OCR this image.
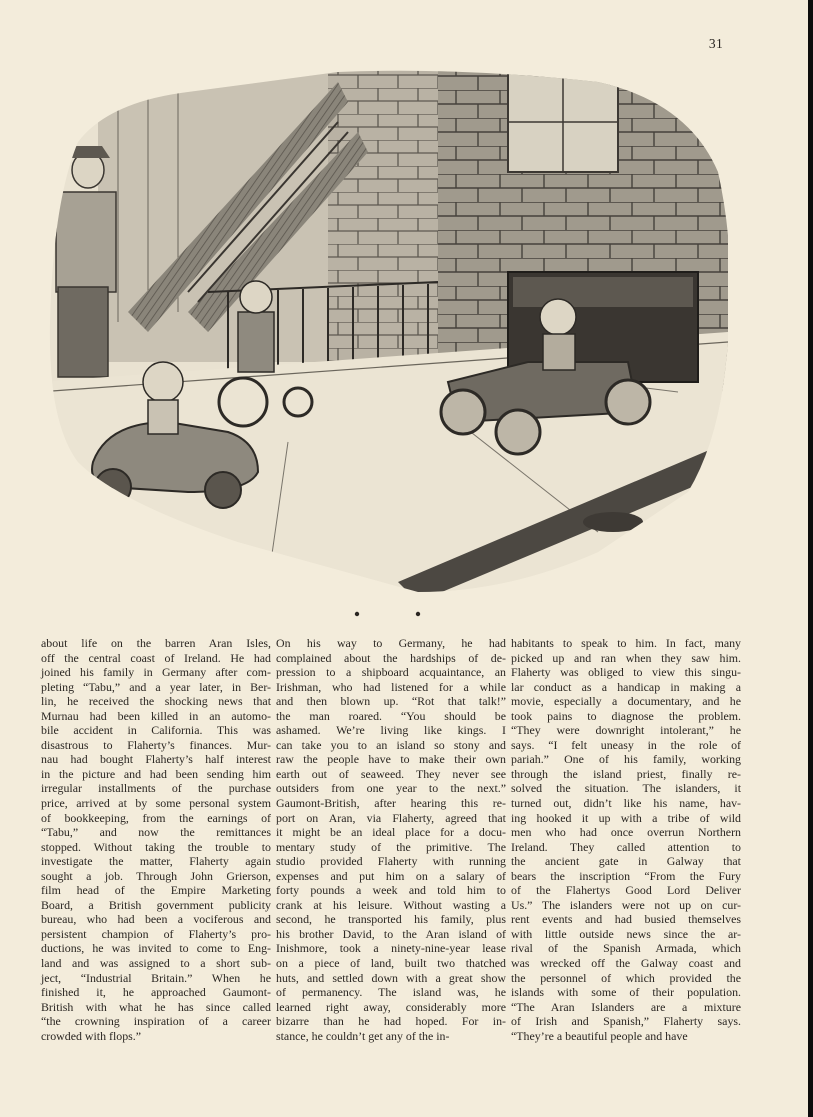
31
about life on the barren Aran Isles,
off the central coast of Ireland. He had
joined his family in Germany after com-
pleting “Tabu,” and a year later, in Ber-
lin, he received the shocking news that
Murnau had been killed in an automo-
bile accident in California. This was
disastrous to Flaherty’s finances. Mur-
nau had bought Flaherty’s half interest
in the picture and had been sending him
irregular installments of the purchase
price, arrived at by some personal system
of bookkeeping, from the earnings of
“Tabu,” and now the remittances
stopped. Without taking the trouble to
investigate the matter, Flaherty again
sought a job. Through John Grierson,
film head of the Empire Marketing
Board, a British government publicity
bureau, who had been a vociferous and
persistent champion of Flaherty’s pro-
ductions, he was invited to come to Eng-
land and was assigned to a short sub-
ject, “Industrial Britain.” When he
finished it, he approached Gaumont-
British with what he has since called
“the crowning inspiration of a career
crowded with flops.”
On his way to Germany, he had
complained about the hardships of de-
pression to a shipboard acquaintance, an
Irishman, who had listened for a while
and then blown up. “Rot that talk!”
the man roared. “You should be
ashamed. We’re living like kings. I
can take you to an island so stony and
raw the people have to make their own
earth out of seaweed. They never see
outsiders from one year to the next.”
Gaumont-British, after hearing this re-
port on Aran, via Flaherty, agreed that
it might be an ideal place for a docu-
mentary study of the primitive. The
studio provided Flaherty with running
expenses and put him on a salary of
forty pounds a week and told him to
crank at his leisure. Without wasting a
second, he transported his family, plus
his brother David, to the Aran island of
Inishmore, took a ninety-nine-year lease
on a piece of land, built two thatched
huts, and settled down with a great show
of permanency. The island was, he
learned right away, considerably more
bizarre than he had hoped. For in-
stance, he couldn’t get any of the in-
habitants to speak to him. In fact, many
picked up and ran when they saw him.
Flaherty was obliged to view this singu-
lar conduct as a handicap in making a
movie, especially a documentary, and he
took pains to diagnose the problem.
“They were downright intolerant,” he
says. “I felt uneasy in the role of
pariah.” One of his family, working
through the island priest, finally re-
solved the situation. The islanders, it
turned out, didn’t like his name, hav-
ing hooked it up with a tribe of wild
men who had once overrun Northern
Ireland. They called attention to
the ancient gate in Galway that
bears the inscription “From the Fury
of the Flahertys Good Lord Deliver
Us.” The islanders were not up on cur-
rent events and had busied themselves
with little outside news since the ar-
rival of the Spanish Armada, which
was wrecked off the Galway coast and
the personnel of which provided the
islands with some of their population.
“The Aran Islanders are a mixture
of Irish and Spanish,” Flaherty says.
“They’re a beautiful people and have
